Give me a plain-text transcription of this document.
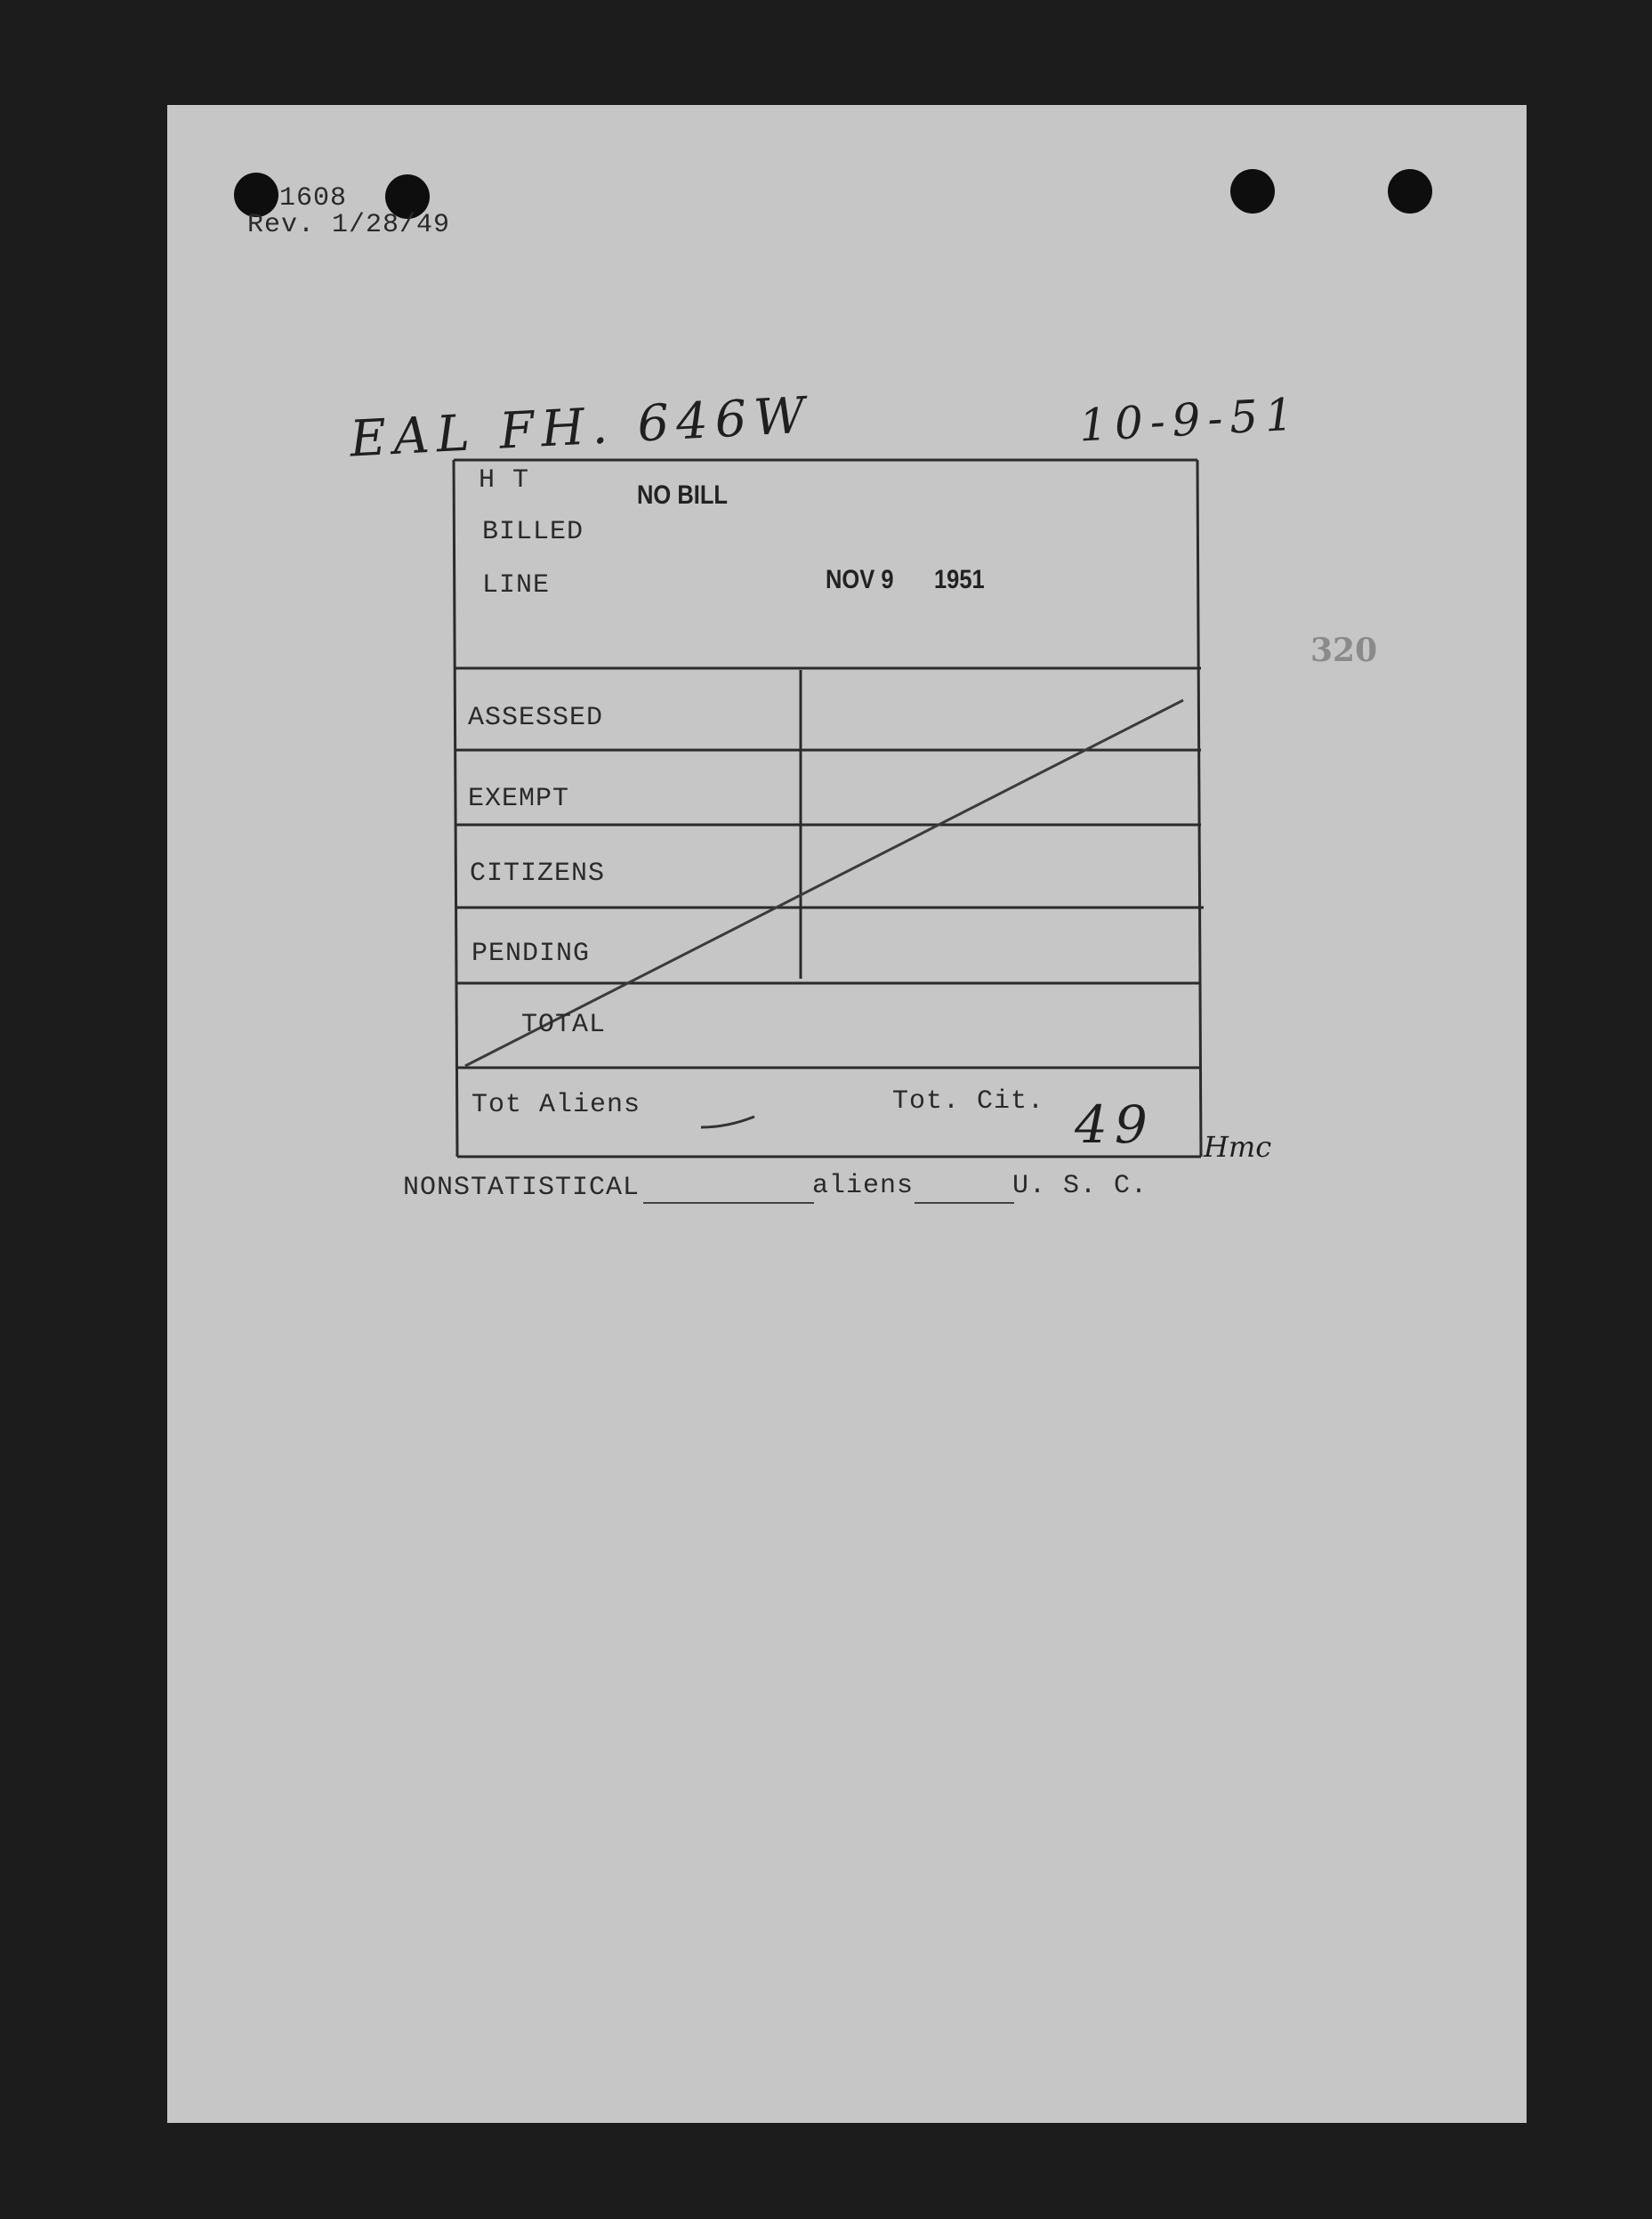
1608
Rev. 1/28/49
EAL FH. 646W	10-9-51
320
NONSTATISTICAL	aliens	U. S. C.
H T
BILLED
LINE
NO BILL
NOV 9 1951
ASSESSED
EXEMPT
CITIZENS
PENDING
TOTAL
Tot Aliens	Tot. Cit. 49 Hmc
